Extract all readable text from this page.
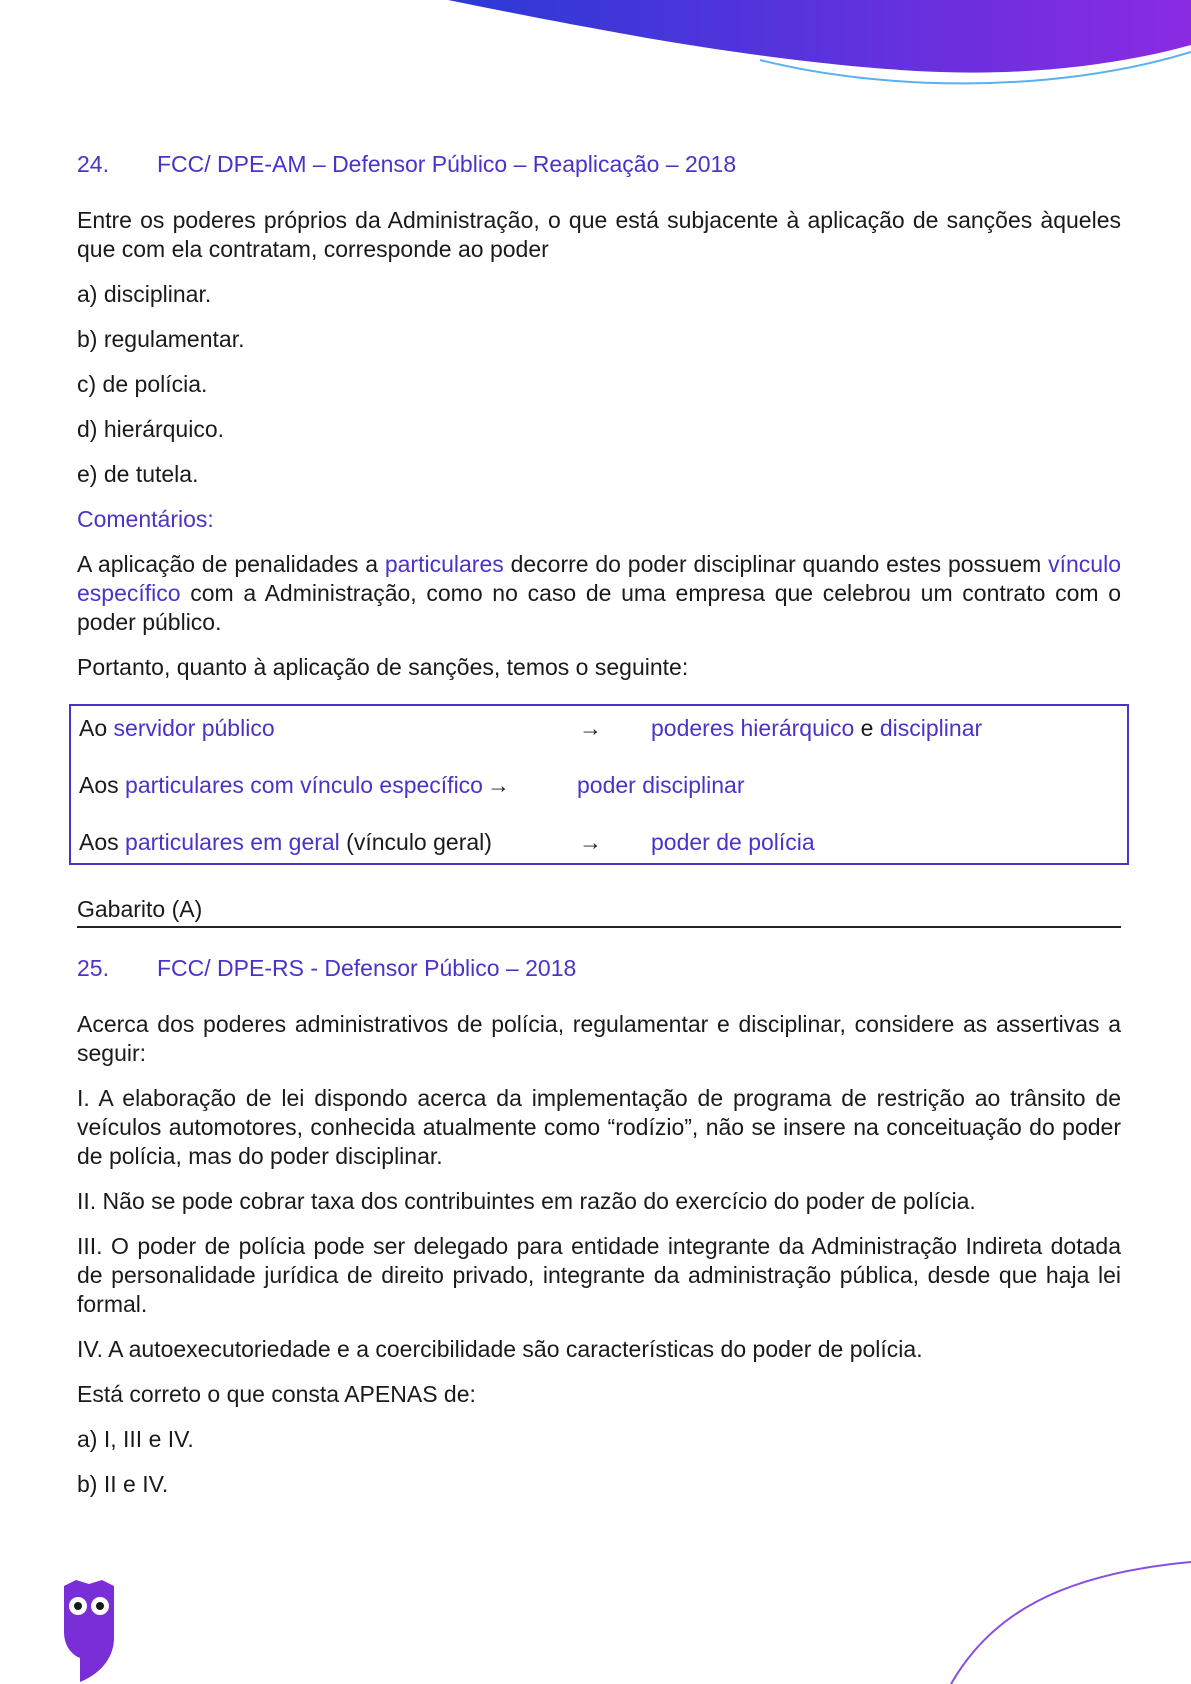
24.	FCC/ DPE-AM – Defensor Público – Reaplicação – 2018

Entre os poderes próprios da Administração, o que está subjacente à aplicação de sanções àqueles que com ela contratam, corresponde ao poder

a) disciplinar.

b) regulamentar.

c) de polícia.

d) hierárquico.

e) de tutela.

Comentários:

A aplicação de penalidades a particulares decorre do poder disciplinar quando estes possuem vínculo específico com a Administração, como no caso de uma empresa que celebrou um contrato com o poder público.

Portanto, quanto à aplicação de sanções, temos o seguinte:

Ao servidor público	→	poderes hierárquico e disciplinar
Aos particulares com vínculo específico →	poder disciplinar
Aos particulares em geral (vínculo geral)	→	poder de polícia

Gabarito (A)

25.	FCC/ DPE-RS - Defensor Público – 2018

Acerca dos poderes administrativos de polícia, regulamentar e disciplinar, considere as assertivas a seguir:

I. A elaboração de lei dispondo acerca da implementação de programa de restrição ao trânsito de veículos automotores, conhecida atualmente como “rodízio”, não se insere na conceituação do poder de polícia, mas do poder disciplinar.

II. Não se pode cobrar taxa dos contribuintes em razão do exercício do poder de polícia.

III. O poder de polícia pode ser delegado para entidade integrante da Administração Indireta dotada de personalidade jurídica de direito privado, integrante da administração pública, desde que haja lei formal.

IV. A autoexecutoriedade e a coercibilidade são características do poder de polícia.

Está correto o que consta APENAS de:

a) I, III e IV.

b) II e IV.
